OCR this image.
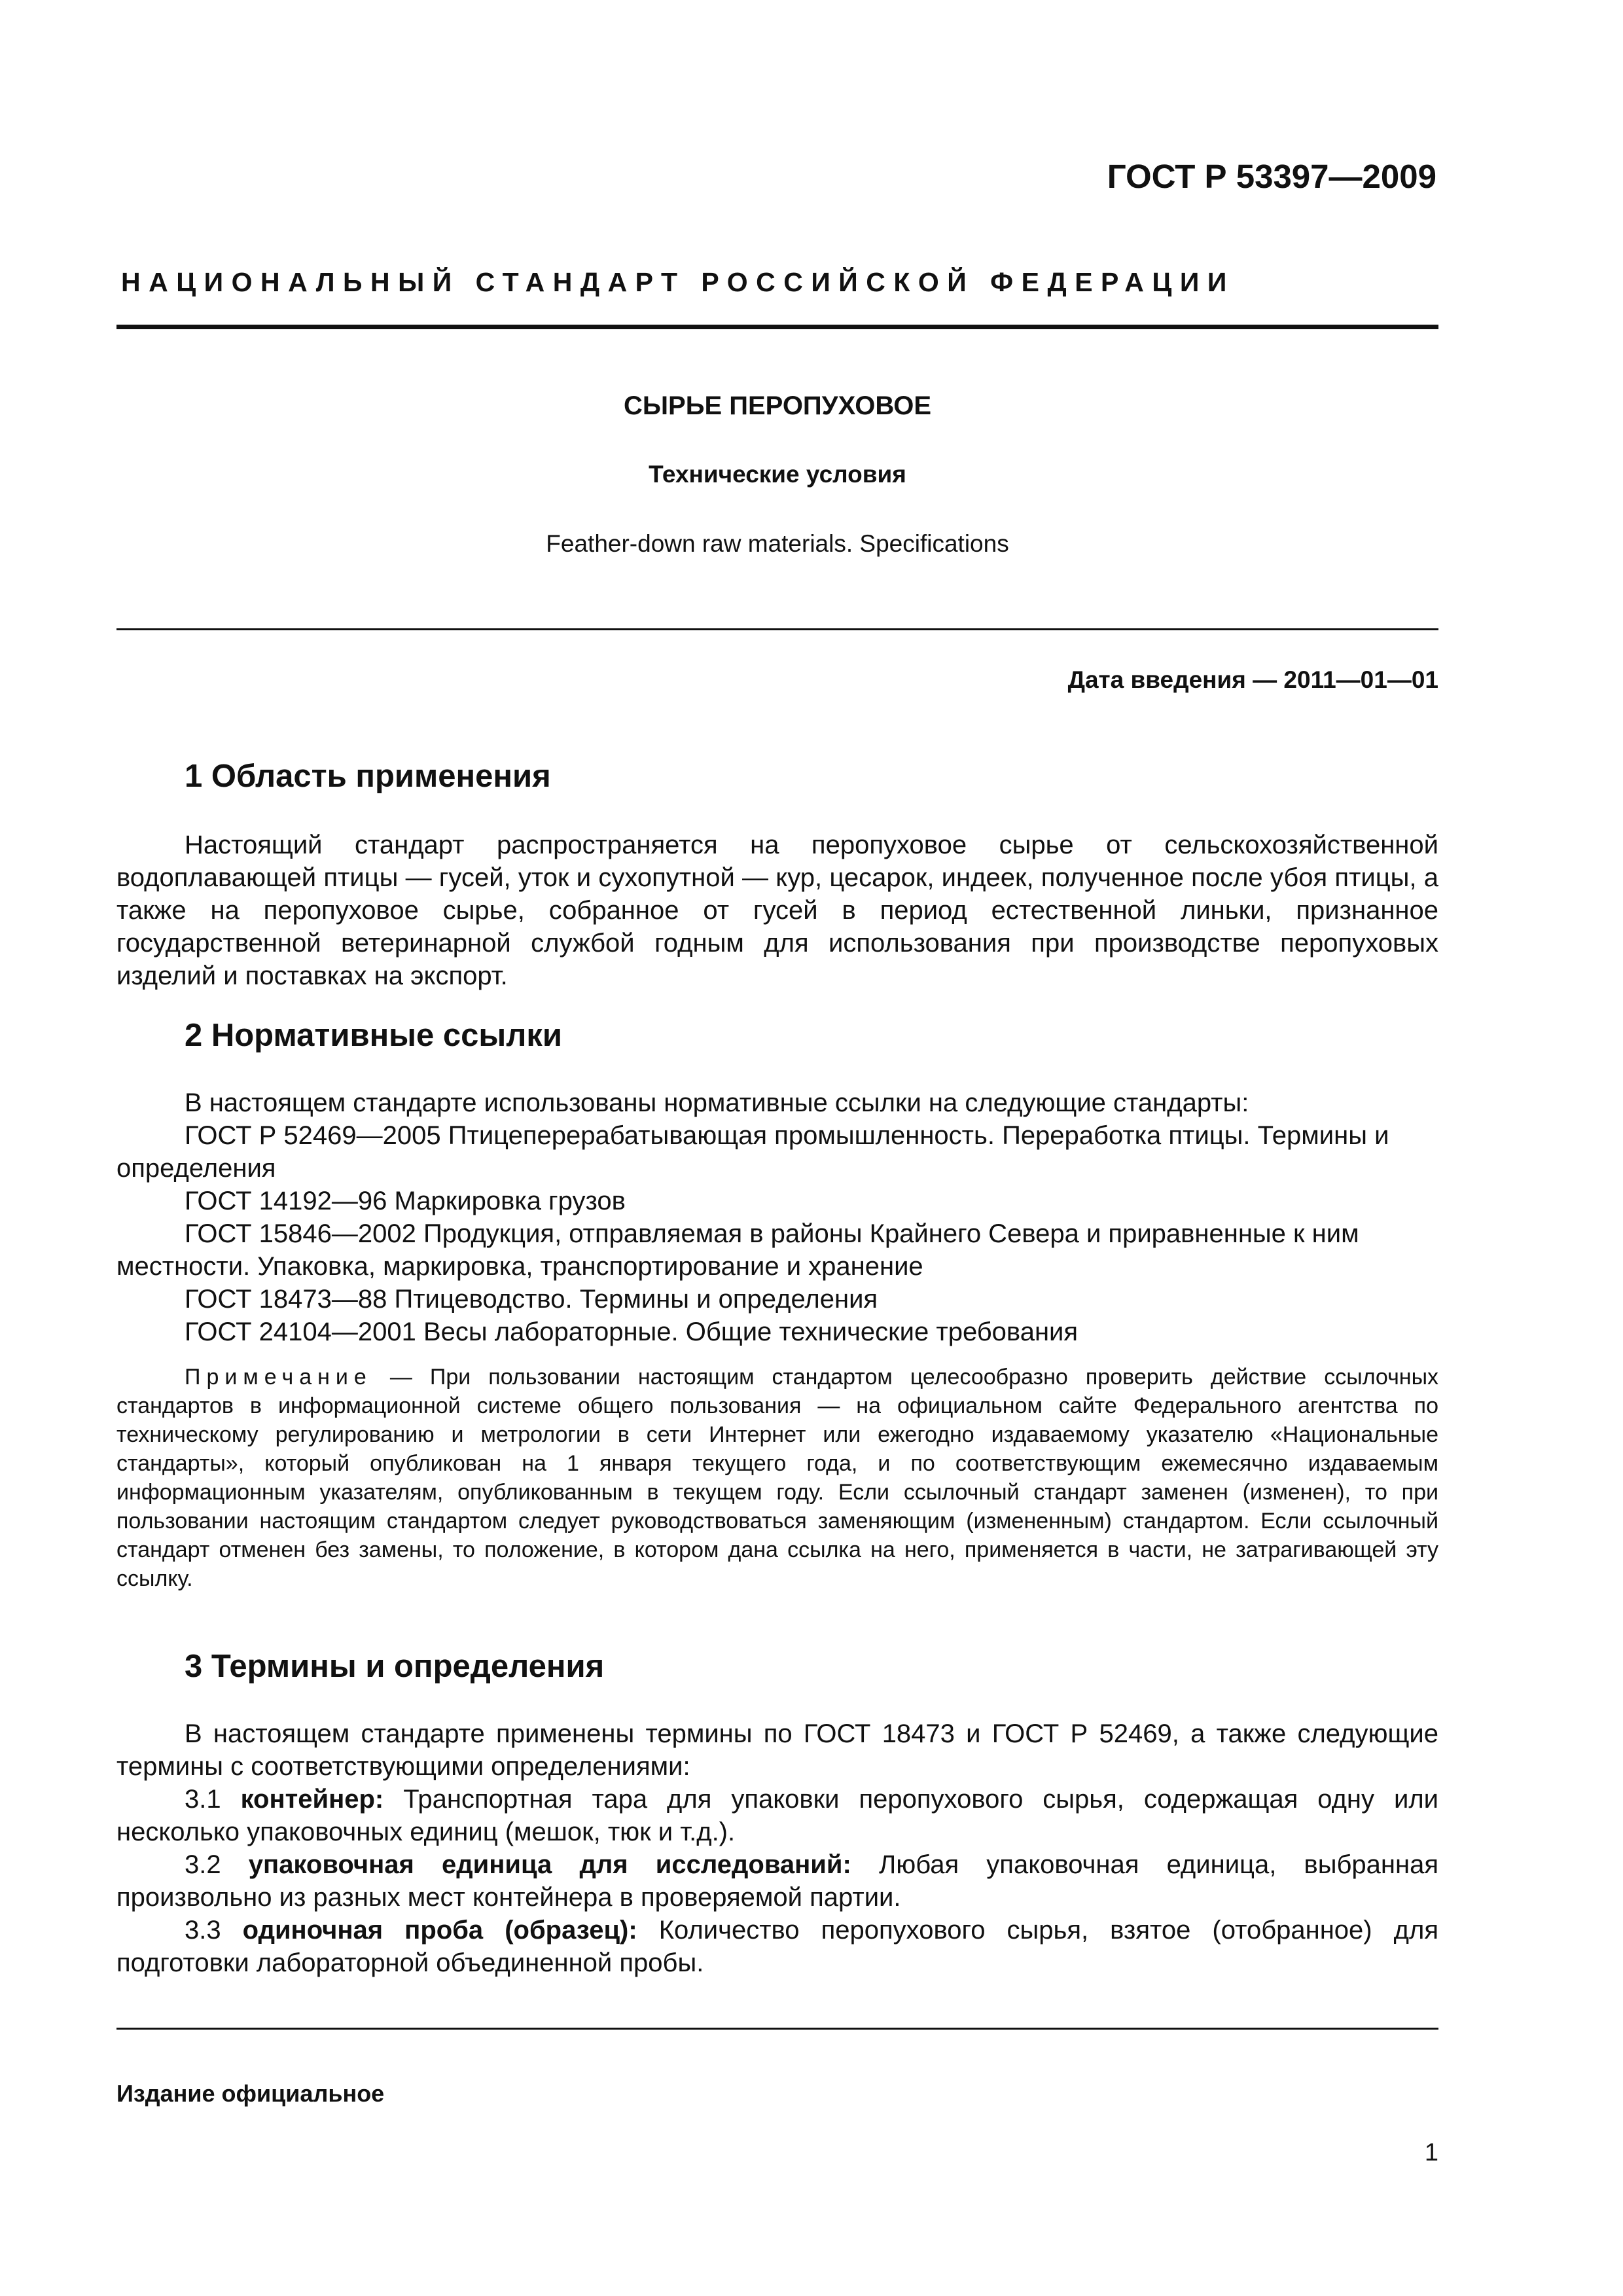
ГОСТ Р 53397—2009
НАЦИОНАЛЬНЫЙ СТАНДАРТ РОССИЙСКОЙ ФЕДЕРАЦИИ
СЫРЬЕ ПЕРОПУХОВОЕ
Технические условия
Feather-down raw materials. Specifications
Дата введения — 2011—01—01
1 Область применения

Настоящий стандарт распространяется на перопуховое сырье от сельскохозяйственной водоплавающей птицы — гусей, уток и сухопутной — кур, цесарок, индеек, полученное после убоя птицы, а также на перопуховое сырье, собранное от гусей в период естественной линьки, признанное государственной ветеринарной службой годным для использования при производстве перопуховых изделий и поставках на экспорт.

2 Нормативные ссылки

В настоящем стандарте использованы нормативные ссылки на следующие стандарты:

ГОСТ Р 52469—2005 Птицеперерабатывающая промышленность. Переработка птицы. Термины и определения

ГОСТ 14192—96 Маркировка грузов

ГОСТ 15846—2002 Продукция, отправляемая в районы Крайнего Севера и приравненные к ним местности. Упаковка, маркировка, транспортирование и хранение

ГОСТ 18473—88 Птицеводство. Термины и определения

ГОСТ 24104—2001 Весы лабораторные. Общие технические требования

Примечание — При пользовании настоящим стандартом целесообразно проверить действие ссылочных стандартов в информационной системе общего пользования — на официальном сайте Федерального агентства по техническому регулированию и метрологии в сети Интернет или ежегодно издаваемому указателю «Национальные стандарты», который опубликован на 1 января текущего года, и по соответствующим ежемесячно издаваемым информационным указателям, опубликованным в текущем году. Если ссылочный стандарт заменен (изменен), то при пользовании настоящим стандартом следует руководствоваться заменяющим (измененным) стандартом. Если ссылочный стандарт отменен без замены, то положение, в котором дана ссылка на него, применяется в части, не затрагивающей эту ссылку.

3 Термины и определения

В настоящем стандарте применены термины по ГОСТ 18473 и ГОСТ Р 52469, а также следующие термины с соответствующими определениями:

3.1 контейнер: Транспортная тара для упаковки перопухового сырья, содержащая одну или несколько упаковочных единиц (мешок, тюк и т.д.).

3.2 упаковочная единица для исследований: Любая упаковочная единица, выбранная произвольно из разных мест контейнера в проверяемой партии.

3.3 одиночная проба (образец): Количество перопухового сырья, взятое (отобранное) для подготовки лабораторной объединенной пробы.

Издание официальное
1
